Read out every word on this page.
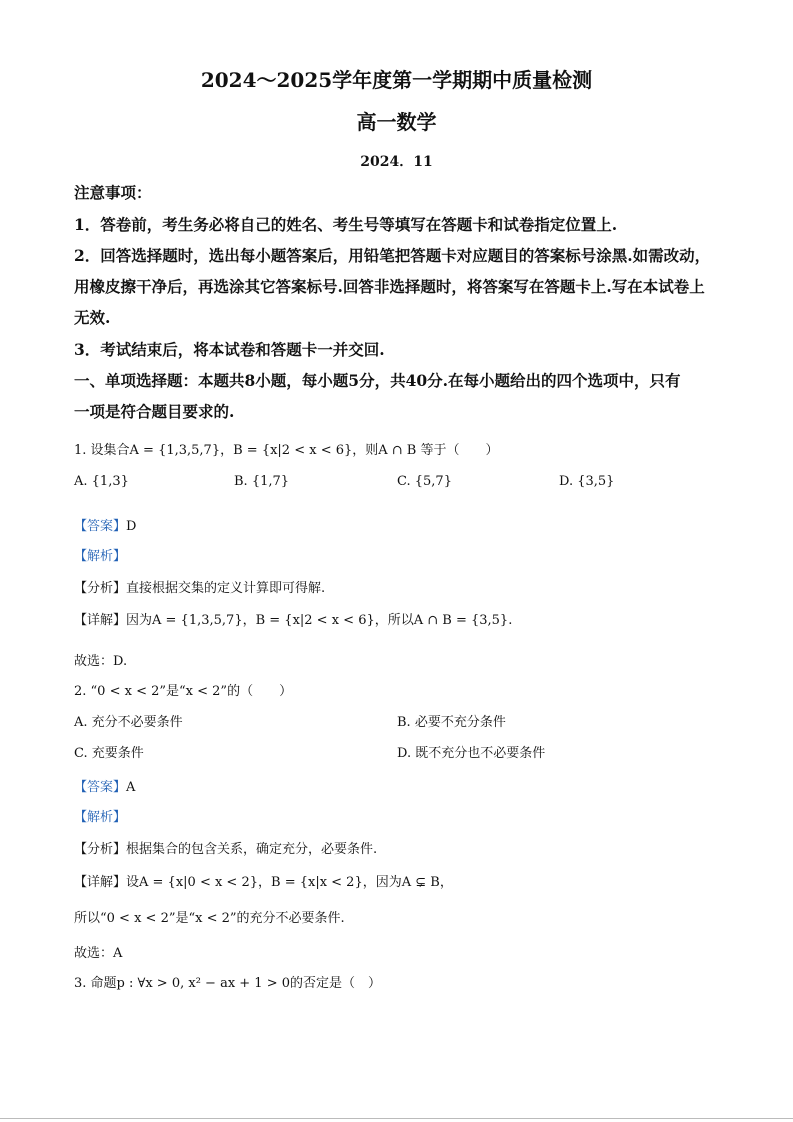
2024～2025学年度第一学期期中质量检测
高一数学
2024．11
注意事项：
1．答卷前，考生务必将自己的姓名、考生号等填写在答题卡和试卷指定位置上.
2．回答选择题时，选出每小题答案后，用铅笔把答题卡对应题目的答案标号涂黑.如需改动，
用橡皮擦干净后，再选涂其它答案标号.回答非选择题时，将答案写在答题卡上.写在本试卷上
无效.
3．考试结束后，将本试卷和答题卡一并交回.
一、单项选择题：本题共8小题，每小题5分，共40分.在每小题给出的四个选项中，只有
一项是符合题目要求的.
1. 设集合A = {1,3,5,7}，B = {x|2 < x < 6}，则A ∩ B 等于（　　）
A. {1,3}	B. {1,7}	C. {5,7}	D. {3,5}
【答案】D
【解析】
【分析】直接根据交集的定义计算即可得解.
【详解】因为A = {1,3,5,7}，B = {x|2 < x < 6}，所以A ∩ B = {3,5}.
故选：D.
2. “0 < x < 2”是“x < 2”的（　　）
A. 充分不必要条件	B. 必要不充分条件
C. 充要条件	D. 既不充分也不必要条件
【答案】A
【解析】
【分析】根据集合的包含关系，确定充分，必要条件.
【详解】设A = {x|0 < x < 2}，B = {x|x < 2}，因为A ⊊ B，
所以“0 < x < 2”是“x < 2”的充分不必要条件.
故选：A
3. 命题p : ∀x > 0, x² − ax + 1 > 0的否定是（　）
